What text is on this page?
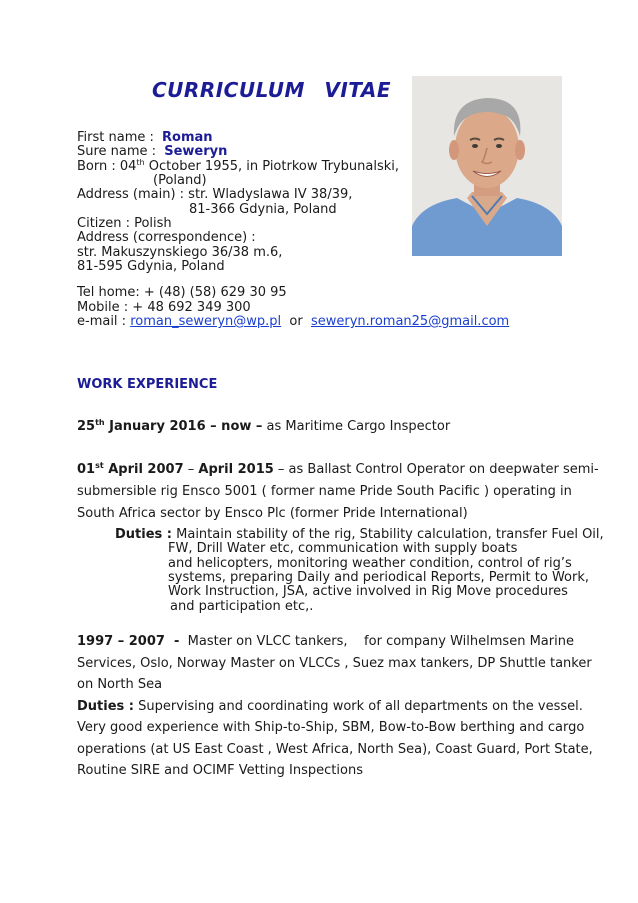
CURRICULUM VITAE
First name : Roman
Sure name : Seweryn
Born : 04th October 1955, in Piotrkow Trybunalski,
(Poland)
Address (main) : str. Wladyslawa IV 38/39,
81-366 Gdynia, Poland
Citizen : Polish
Address (correspondence) :
str. Makuszynskiego 36/38 m.6,
81-595 Gdynia, Poland
Tel home: + (48) (58) 629 30 95
Mobile : + 48 692 349 300
e-mail : roman_seweryn@wp.pl  or  seweryn.roman25@gmail.com
WORK EXPERIENCE
25th January 2016 – now – as Maritime Cargo Inspector
01st April 2007 – April 2015 – as Ballast Control Operator on deepwater semi-
submersible rig Ensco 5001 ( former name Pride South Pacific ) operating in
South Africa sector by Ensco Plc (former Pride International)
Duties : Maintain stability of the rig, Stability calculation, transfer Fuel Oil,
FW, Drill Water etc, communication with supply boats
and helicopters, monitoring weather condition, control of rig’s
systems, preparing Daily and periodical Reports, Permit to Work,
Work Instruction, JSA, active involved in Rig Move procedures
and participation etc,.
1997 – 2007  -  Master on VLCC tankers,    for company Wilhelmsen Marine
Services, Oslo, Norway Master on VLCCs , Suez max tankers, DP Shuttle tanker
on North Sea
Duties : Supervising and coordinating work of all departments on the vessel.
Very good experience with Ship-to-Ship, SBM, Bow-to-Bow berthing and cargo
operations (at US East Coast , West Africa, North Sea), Coast Guard, Port State,
Routine SIRE and OCIMF Vetting Inspections
